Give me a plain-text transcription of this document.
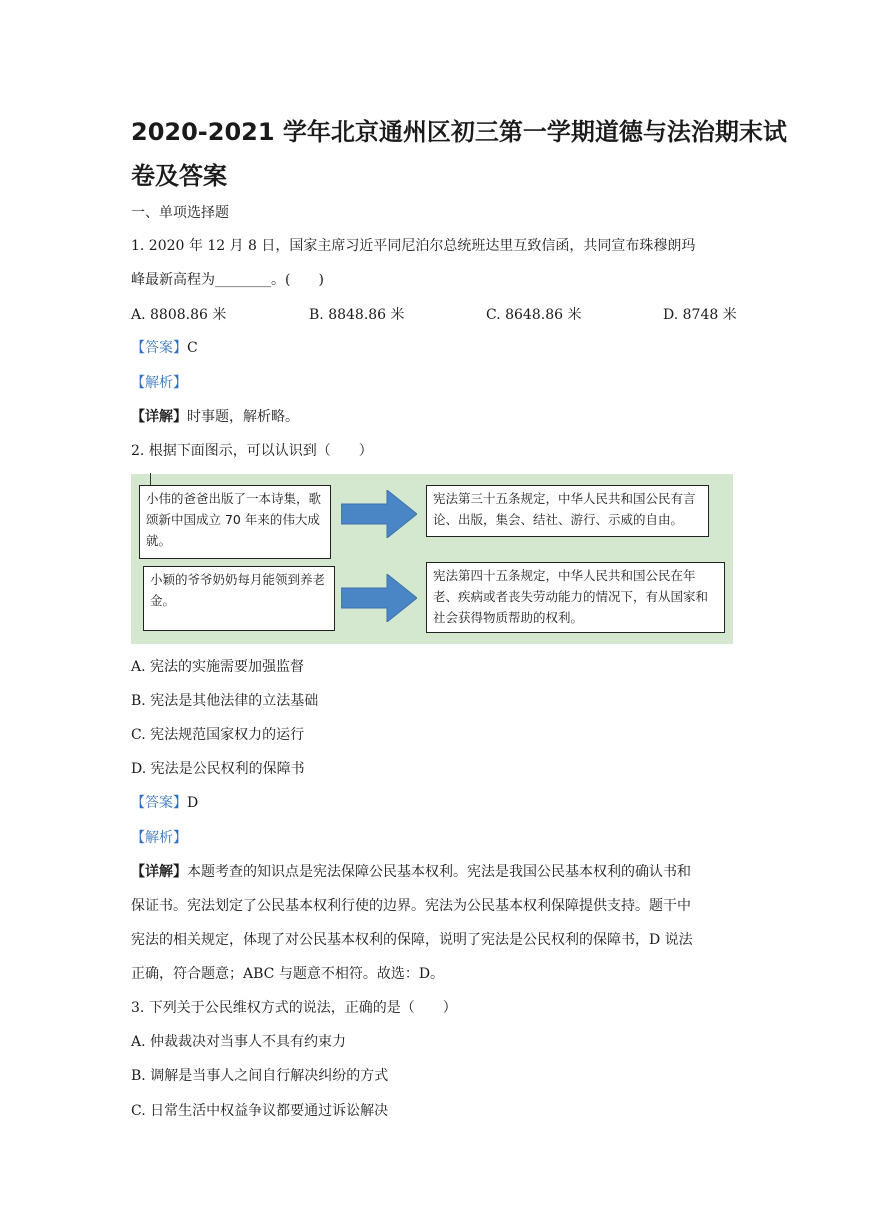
2020-2021 学年北京通州区初三第一学期道德与法治期末试
卷及答案

一、单项选择题

1. 2020 年 12 月 8 日，国家主席习近平同尼泊尔总统班达里互致信函，共同宣布珠穆朗玛

峰最新高程为________。(　　)

A. 8808.86 米	B. 8848.86 米	C. 8648.86 米	D. 8748 米

【答案】C

【解析】

【详解】时事题，解析略。

2. 根据下面图示，可以认识到（　　）

小伟的爸爸出版了一本诗集，歌颂新中国成立 70 年来的伟大成就。
宪法第三十五条规定，中华人民共和国公民有言论、出版，集会、结社、游行、示威的自由。
小颖的爷爷奶奶每月能领到养老金。
宪法第四十五条规定，中华人民共和国公民在年老、疾病或者丧失劳动能力的情况下，有从国家和社会获得物质帮助的权利。

A. 宪法的实施需要加强监督

B. 宪法是其他法律的立法基础

C. 宪法规范国家权力的运行

D. 宪法是公民权利的保障书

【答案】D

【解析】

【详解】本题考查的知识点是宪法保障公民基本权利。宪法是我国公民基本权利的确认书和

保证书。宪法划定了公民基本权利行使的边界。宪法为公民基本权利保障提供支持。题干中

宪法的相关规定，体现了对公民基本权利的保障，说明了宪法是公民权利的保障书，D 说法

正确，符合题意；ABC 与题意不相符。故选：D。

3. 下列关于公民维权方式的说法，正确的是（　　）

A. 仲裁裁决对当事人不具有约束力

B. 调解是当事人之间自行解决纠纷的方式

C. 日常生活中权益争议都要通过诉讼解决
